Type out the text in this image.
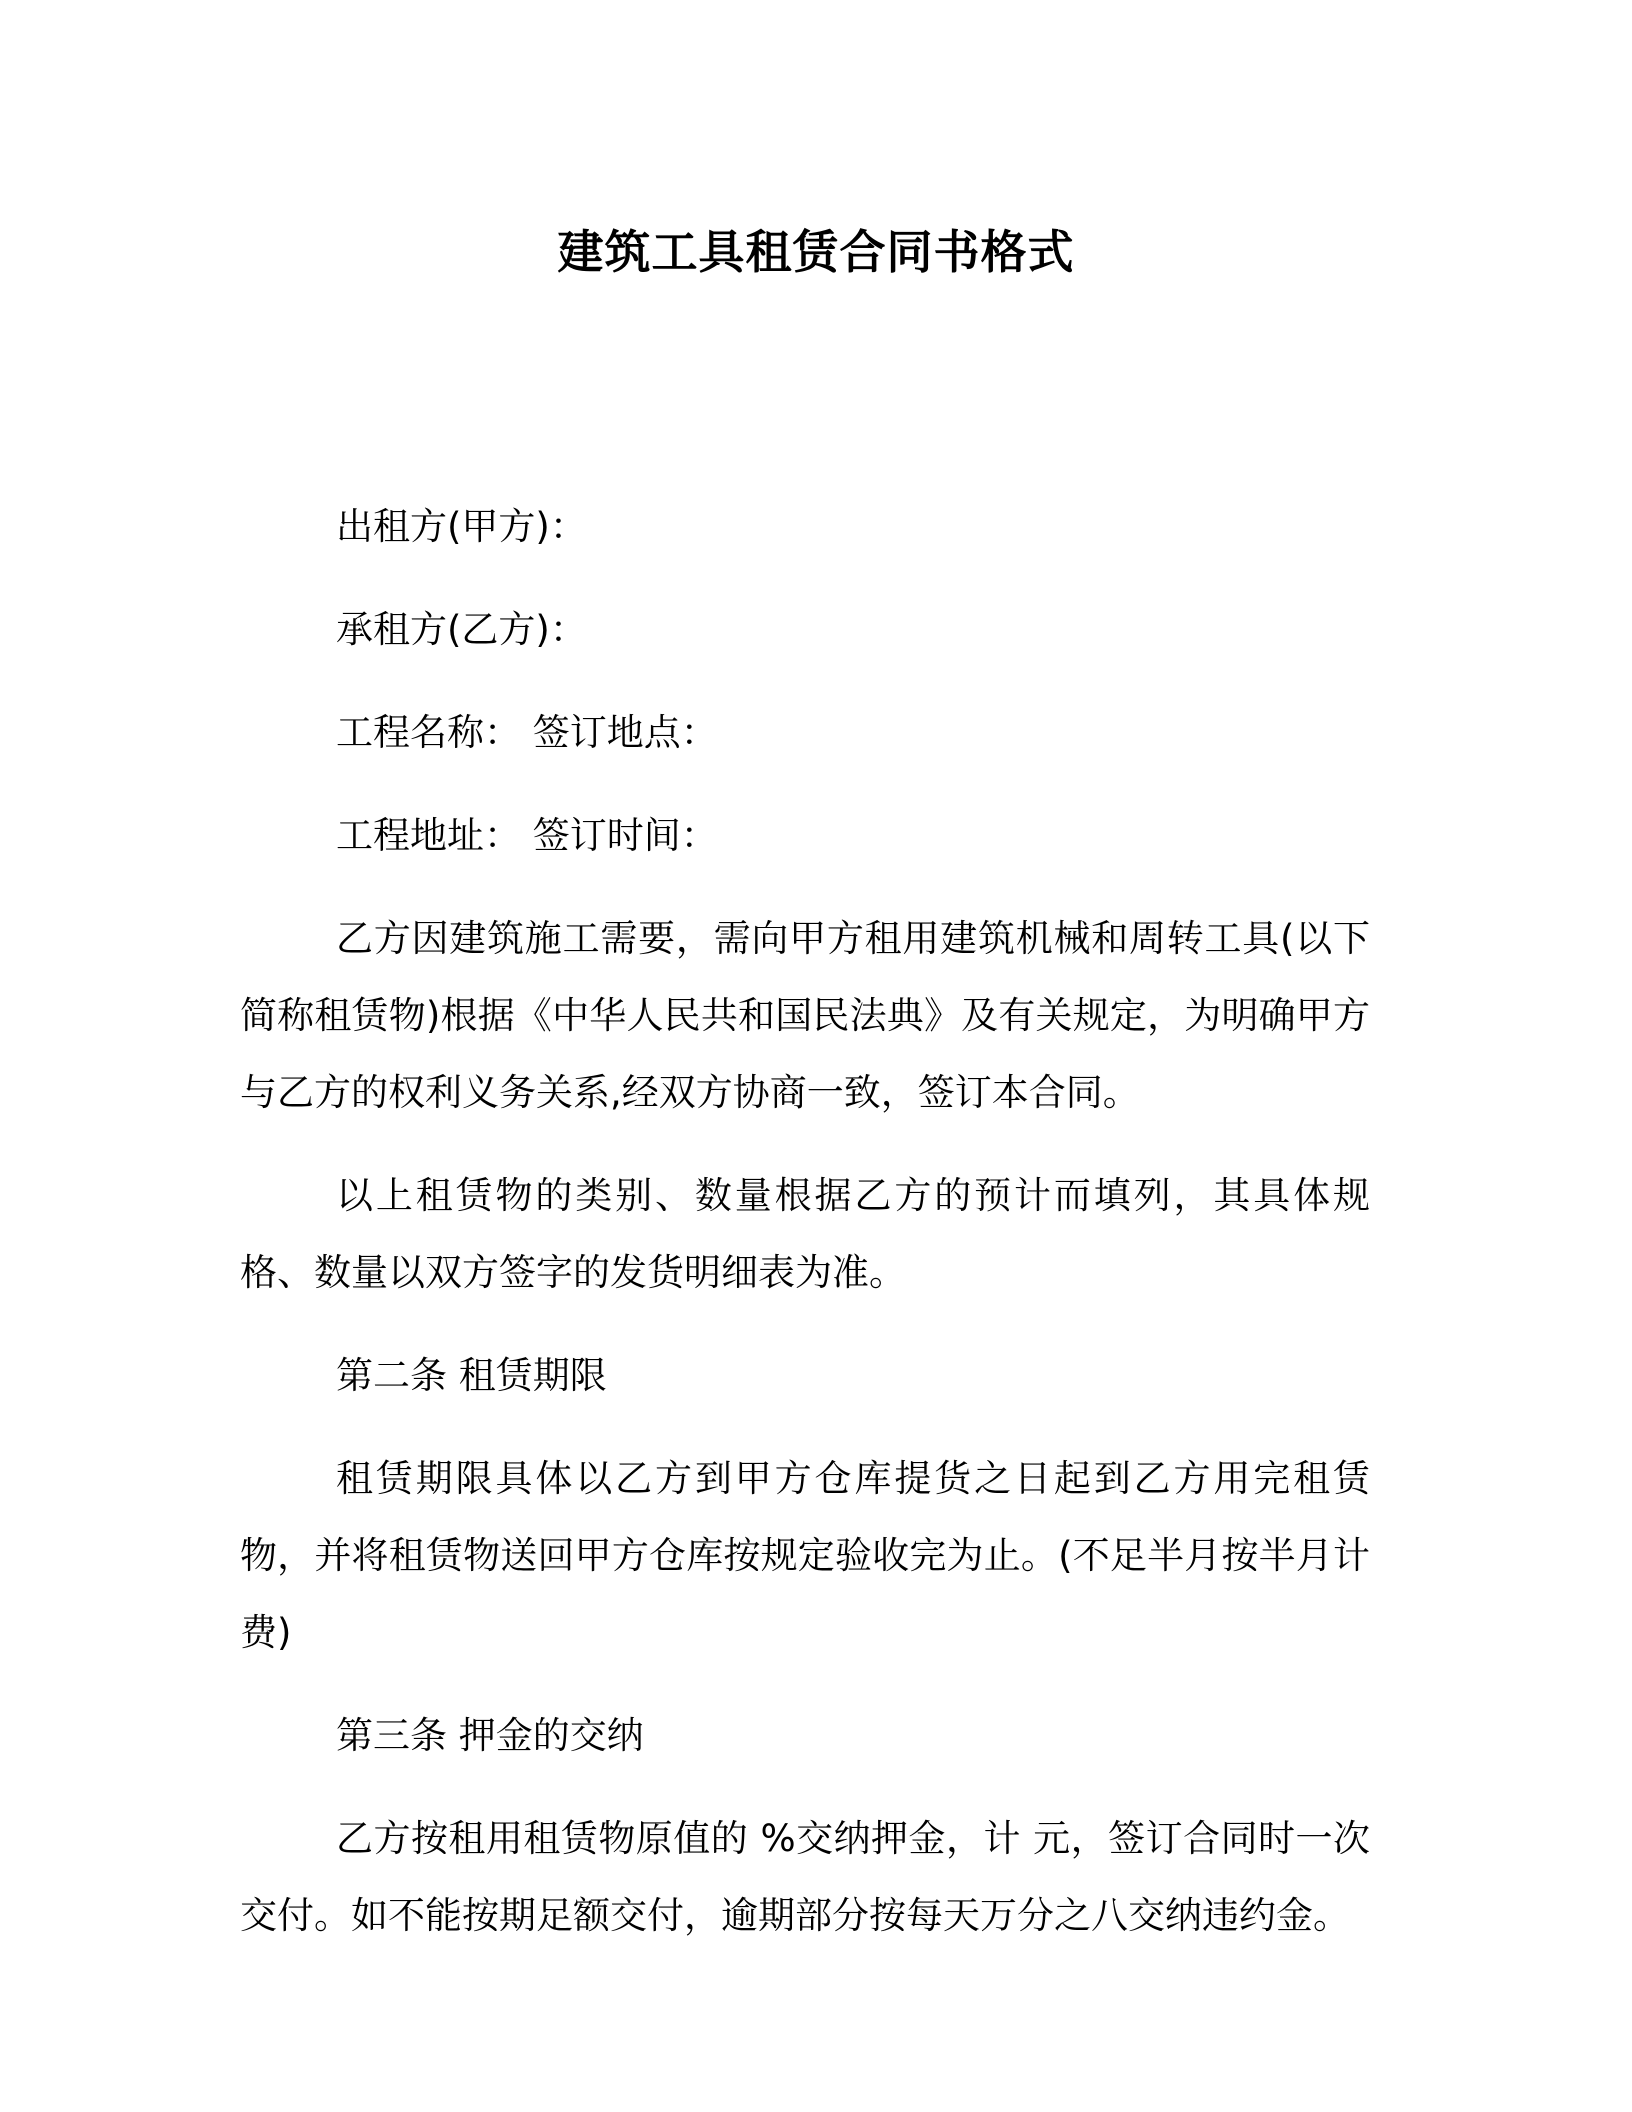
建筑工具租赁合同书格式
出租方(甲方)：
承租方(乙方)：
工程名称： 签订地点：
工程地址： 签订时间：

乙方因建筑施工需要，需向甲方租用建筑机械和周转工具(以下简称租赁物)根据《中华人民共和国民法典》及有关规定，为明确甲方与乙方的权利义务关系,经双方协商一致，签订本合同。

以上租赁物的类别、数量根据乙方的预计而填列，其具体规格、数量以双方签字的发货明细表为准。

第二条 租赁期限

租赁期限具体以乙方到甲方仓库提货之日起到乙方用完租赁物，并将租赁物送回甲方仓库按规定验收完为止。(不足半月按半月计费)

第三条 押金的交纳

乙方按租用租赁物原值的 %交纳押金，计 元，签订合同时一次交付。如不能按期足额交付，逾期部分按每天万分之八交纳违约金。
